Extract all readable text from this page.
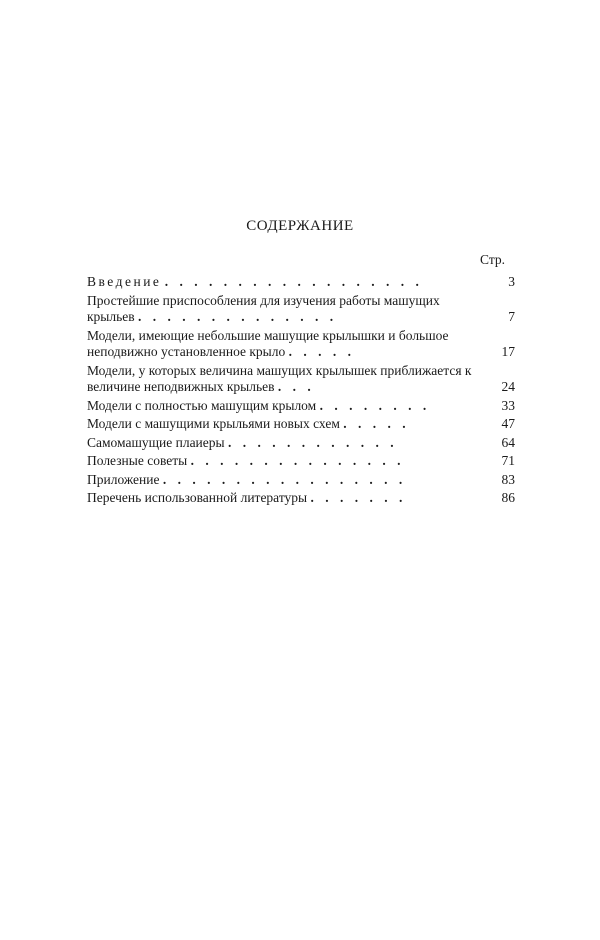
СОДЕРЖАНИЕ
Стр.
Введение . . . . . . . . . . . . . . . . . .	3
Простейшие приспособления для изучения работы машущих крыльев . . . . . . . . . . . . . .	7
Модели, имеющие небольшие машущие крылышки и большое неподвижно установленное крыло . . . . .	17
Модели, у которых величина машущих крылышек приближается к величине неподвижных крыльев . . .	24
Модели с полностью машущим крылом . . . . . . . .	33
Модели с машущими крыльями новых схем . . . . .	47
Самомашущие плаиеры . . . . . . . . . . . .	64
Полезные советы . . . . . . . . . . . . . . .	71
Приложение . . . . . . . . . . . . . . . . .	83
Перечень использованной литературы . . . . . . .	86
